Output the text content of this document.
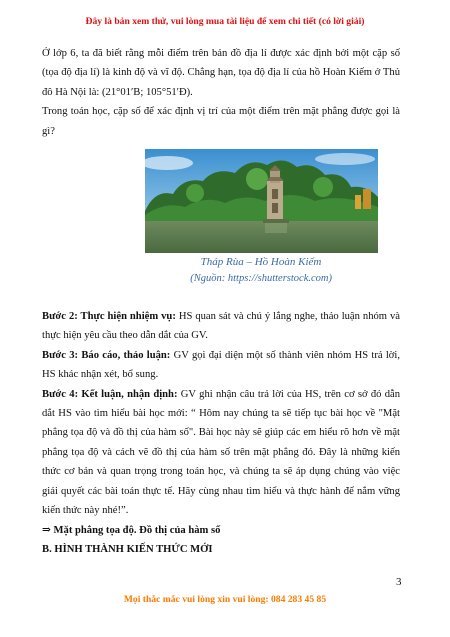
Đây là bản xem thử, vui lòng mua tài liệu để xem chi tiết (có lời giải)

Ở lớp 6, ta đã biết rằng mỗi điểm trên bản đồ địa lí được xác định bởi một cặp số (tọa độ địa lí) là kinh độ và vĩ độ. Chẳng hạn, tọa độ địa lí của hồ Hoàn Kiếm ở Thủ đô Hà Nội là: (21°01′B; 105°51′Đ).

Trong toán học, cặp số để xác định vị trí của một điểm trên mặt phẳng được gọi là gì?

Tháp Rùa – Hồ Hoàn Kiếm
(Nguồn: https://shutterstock.com)

Bước 2: Thực hiện nhiệm vụ: HS quan sát và chú ý lắng nghe, thảo luận nhóm và thực hiện yêu cầu theo dẫn dắt của GV.

Bước 3: Báo cáo, thảo luận: GV gọi đại diện một số thành viên nhóm HS trả lời, HS khác nhận xét, bổ sung.

Bước 4: Kết luận, nhận định: GV ghi nhận câu trả lời của HS, trên cơ sở đó dẫn dắt HS vào tìm hiểu bài học mới: “ Hôm nay chúng ta sẽ tiếp tục bài học về "Mặt phẳng tọa độ và đồ thị của hàm số". Bài học này sẽ giúp các em hiểu rõ hơn về mặt phẳng tọa độ và cách vẽ đồ thị của hàm số trên mặt phẳng đó. Đây là những kiến thức cơ bản và quan trọng trong toán học, và chúng ta sẽ áp dụng chúng vào việc giải quyết các bài toán thực tế. Hãy cùng nhau tìm hiểu và thực hành để nắm vững kiến thức này nhé!”.

⇒ Mặt phẳng tọa độ. Đồ thị của hàm số

B. HÌNH THÀNH KIẾN THỨC MỚI

3
Mọi thắc mắc vui lòng xin vui lòng: 084 283 45 85
